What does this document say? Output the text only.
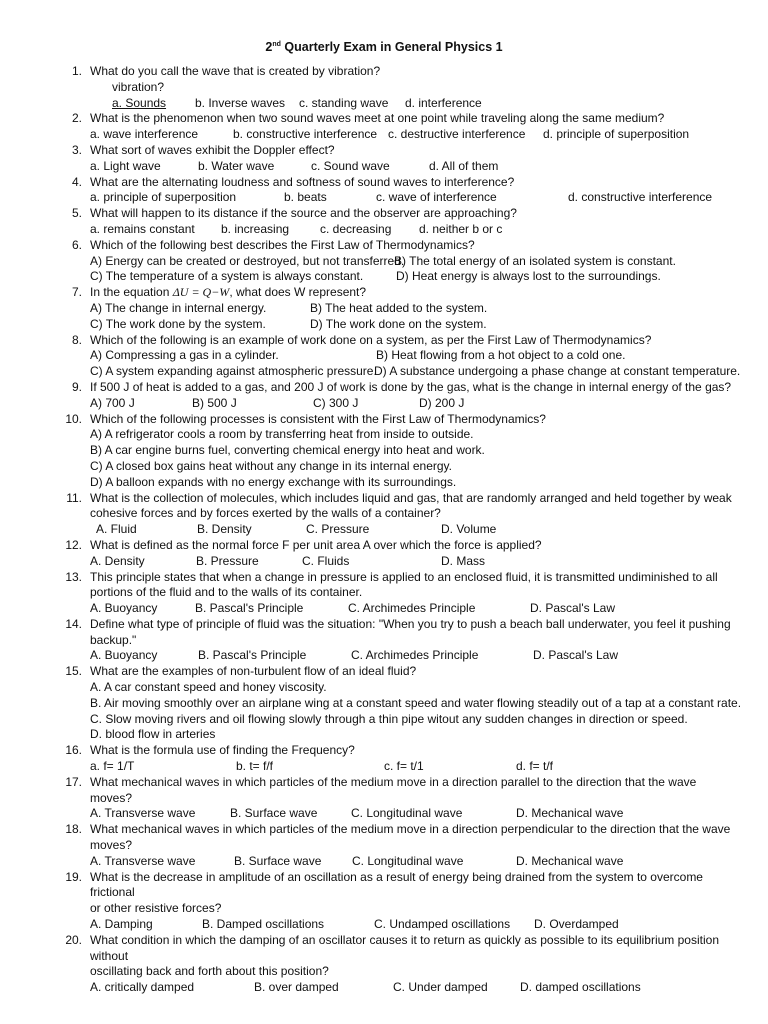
2nd Quarterly Exam in General Physics 1
1. What do you call the wave that is created by vibration?
vibration?
a. Sounds b. Inverse waves c. standing wave d. interference
2. What is the phenomenon when two sound waves meet at one point while traveling along the same medium?
a. wave interference	b. constructive interference c. destructive interference d. principle of superposition
3. What sort of waves exhibit the Doppler effect?
a. Light wave	b. Water wave	c. Sound wave	d. All of them
4. What are the alternating loudness and softness of sound waves to interference?
a. principle of superposition	b. beats	c. wave of interference	d. constructive interference
5. What will happen to its distance if the source and the observer are approaching?
a. remains constant b. increasing	c. decreasing d. neither b or c
6. Which of the following best describes the First Law of Thermodynamics?
A) Energy can be created or destroyed, but not transferred.
B) The total energy of an isolated system is constant.
C) The temperature of a system is always constant.	D) Heat energy is always lost to the surroundings.
7. In the equation ΔU = Q−W, what does W represent?
A) The change in internal energy.	B) The heat added to the system.
C) The work done by the system.	D) The work done on the system.
8. Which of the following is an example of work done on a system, as per the First Law of Thermodynamics?
A) Compressing a gas in a cylinder.	B) Heat flowing from a hot object to a cold one.
C) A system expanding against atmospheric pressure.
D) A substance undergoing a phase change at constant temperature.
9. If 500 J of heat is added to a gas, and 200 J of work is done by the gas, what is the change in internal energy of the gas?
A) 700 J	B) 500 J	C) 300 J	D) 200 J
10. Which of the following processes is consistent with the First Law of Thermodynamics?
A) A refrigerator cools a room by transferring heat from inside to outside.
B) A car engine burns fuel, converting chemical energy into heat and work.
C) A closed box gains heat without any change in its internal energy.
D) A balloon expands with no energy exchange with its surroundings.
11. What is the collection of molecules, which includes liquid and gas, that are randomly arranged and held together by weak
cohesive forces and by forces exerted by the walls of a container?
A. Fluid	B. Density	C. Pressure	D. Volume
12. What is defined as the normal force F per unit area A over which the force is applied?
A. Density	B. Pressure	C. Fluids	D. Mass
13. This principle states that when a change in pressure is applied to an enclosed fluid, it is transmitted undiminished to all
portions of the fluid and to the walls of its container.
A. Buoyancy	B. Pascal's Principle	C. Archimedes Principle	D. Pascal's Law
14. Define what type of principle of fluid was the situation: "When you try to push a beach ball underwater, you feel it pushing
backup."
A. Buoyancy	B. Pascal's Principle	C. Archimedes Principle	D. Pascal's Law
15. What are the examples of non-turbulent flow of an ideal fluid?
A. A car constant speed and honey viscosity.
B. Air moving smoothly over an airplane wing at a constant speed and water flowing steadily out of a tap at a constant rate.
C. Slow moving rivers and oil flowing slowly through a thin pipe witout any sudden changes in direction or speed.
D. blood flow in arteries
16. What is the formula use of finding the Frequency?
a. f= 1/T	b. t= f/f	c. f= t/1	d. f= t/f
17. What mechanical waves in which particles of the medium move in a direction parallel to the direction that the wave moves?
A. Transverse wave	B. Surface wave	C. Longitudinal wave	D. Mechanical wave
18. What mechanical waves in which particles of the medium move in a direction perpendicular to the direction that the wave
moves?
A. Transverse wave	B. Surface wave	C. Longitudinal wave	D. Mechanical wave
19. What is the decrease in amplitude of an oscillation as a result of energy being drained from the system to overcome frictional
or other resistive forces?
A. Damping	B. Damped oscillations	C. Undamped oscillations D. Overdamped
20. What condition in which the damping of an oscillator causes it to return as quickly as possible to its equilibrium position without
oscillating back and forth about this position?
A. critically damped	B. over damped	C. Under damped	D. damped oscillations
